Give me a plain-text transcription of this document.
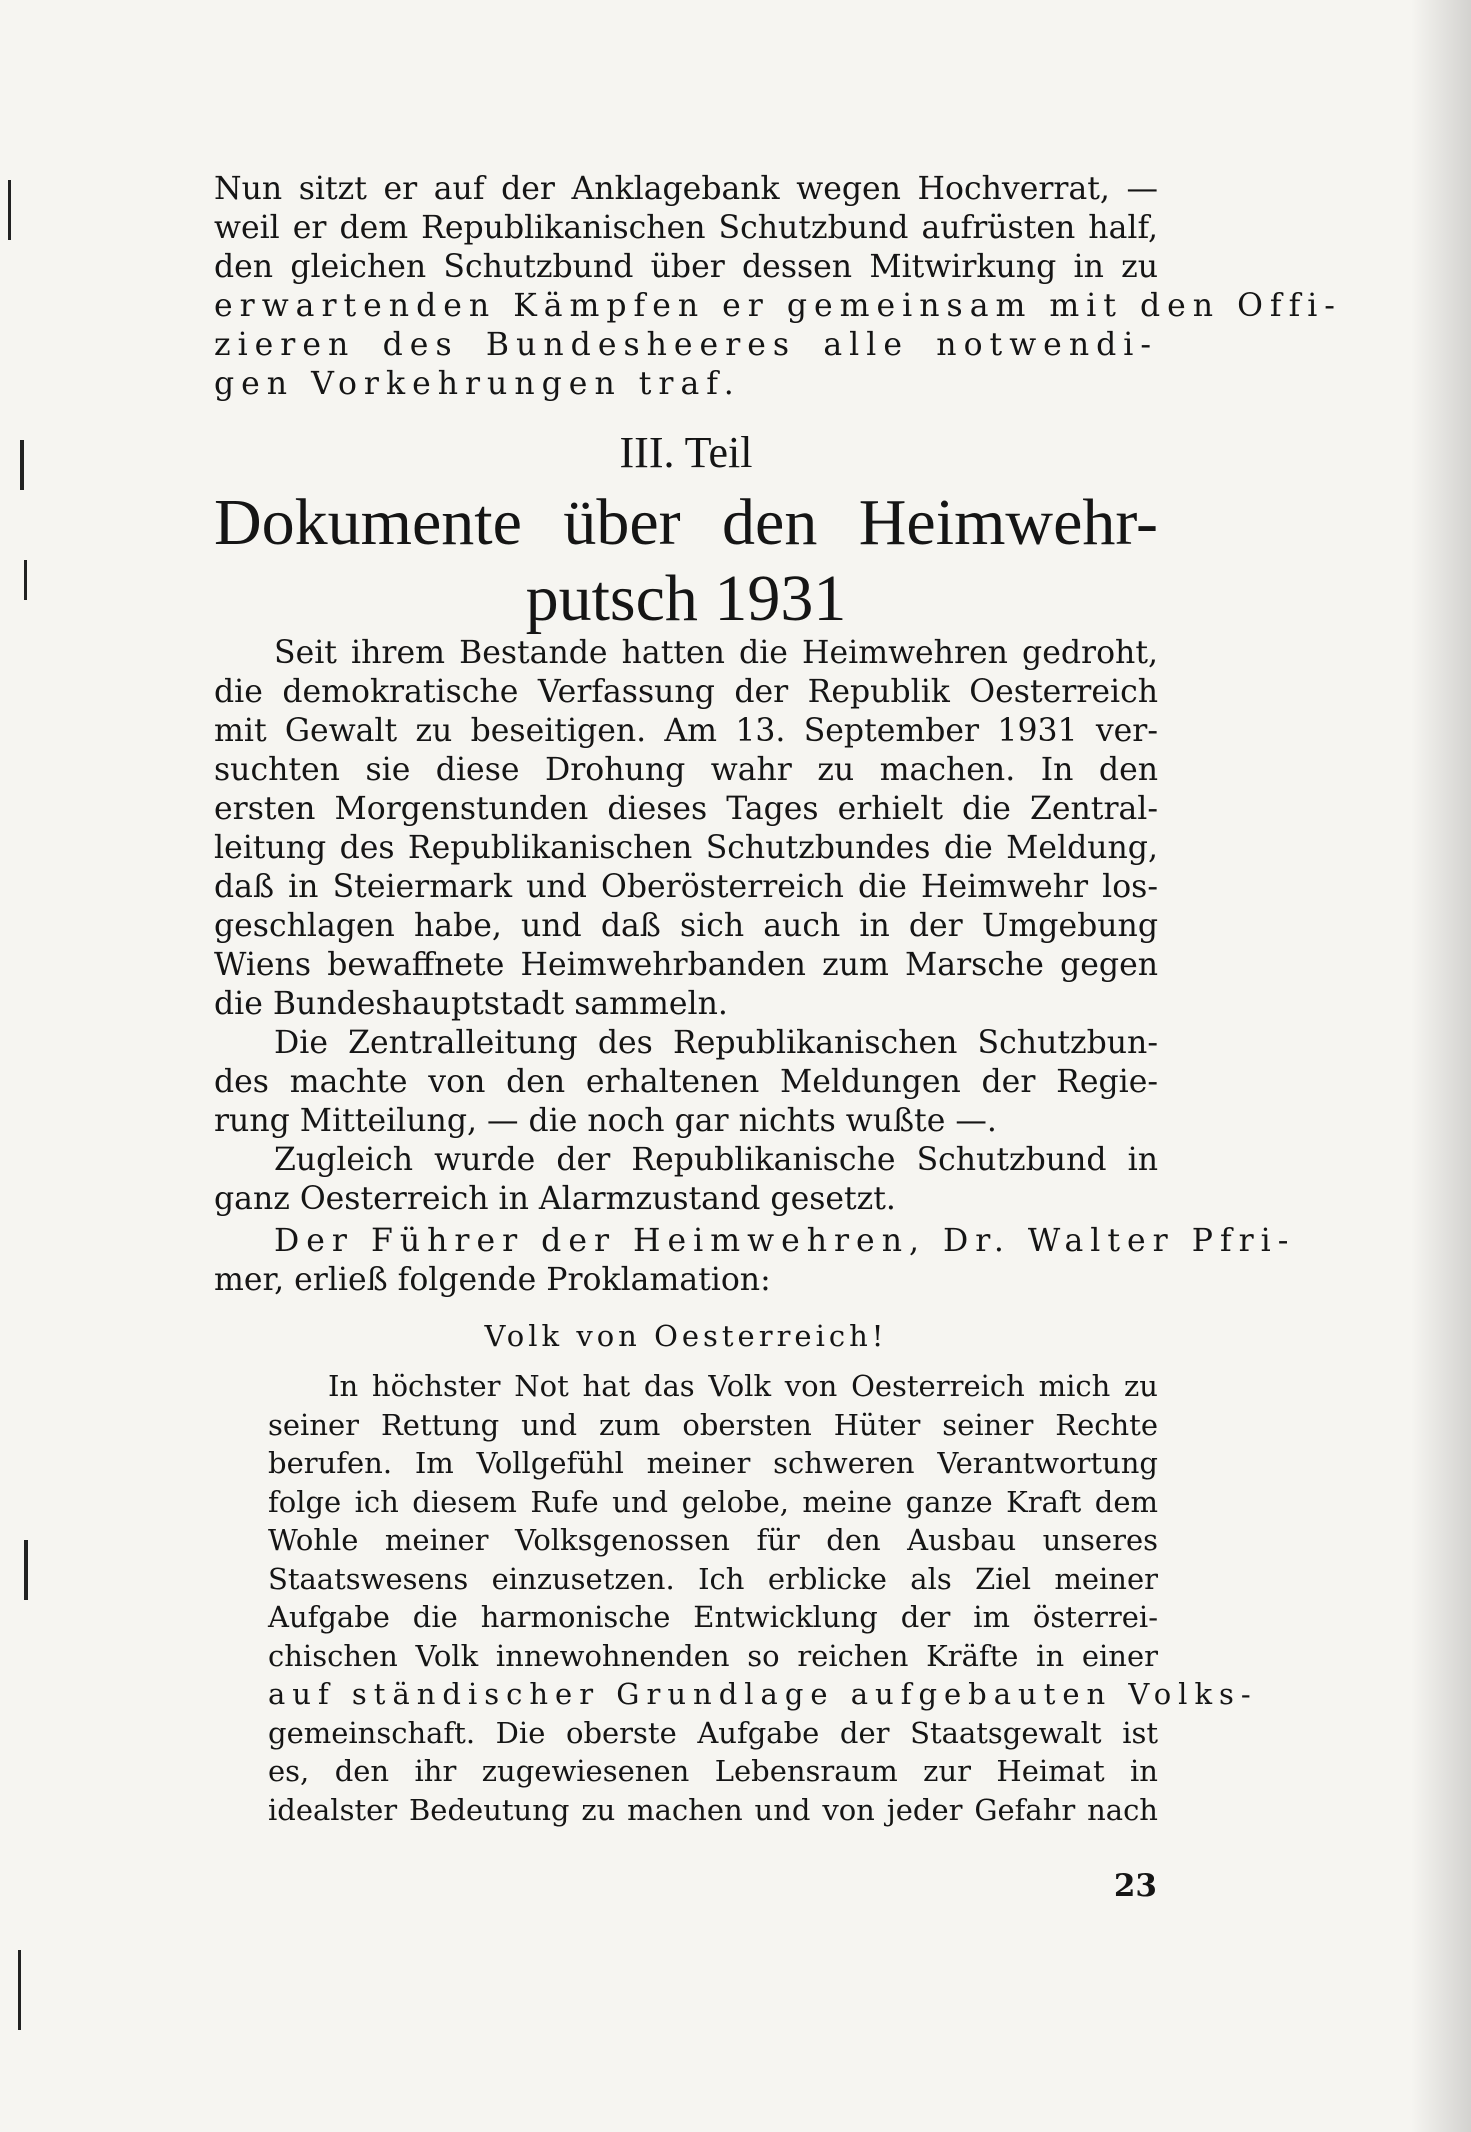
Nun sitzt er auf der Anklagebank wegen Hochverrat, —
weil er dem Republikanischen Schutzbund aufrüsten half,
den gleichen Schutzbund über dessen Mitwirkung in zu
erwartenden Kämpfen er gemeinsam mit den Offi-
zieren des Bundesheeres alle notwendi-
gen Vorkehrungen traf.
III. Teil
Dokumente über den Heimwehr-
putsch 1931
Seit ihrem Bestande hatten die Heimwehren gedroht,
die demokratische Verfassung der Republik Oesterreich
mit Gewalt zu beseitigen. Am 13. September 1931 ver-
suchten sie diese Drohung wahr zu machen. In den
ersten Morgenstunden dieses Tages erhielt die Zentral-
leitung des Republikanischen Schutzbundes die Meldung,
daß in Steiermark und Oberösterreich die Heimwehr los-
geschlagen habe, und daß sich auch in der Umgebung
Wiens bewaffnete Heimwehrbanden zum Marsche gegen
die Bundeshauptstadt sammeln.
Die Zentralleitung des Republikanischen Schutzbun-
des machte von den erhaltenen Meldungen der Regie-
rung Mitteilung, — die noch gar nichts wußte —.
Zugleich wurde der Republikanische Schutzbund in
ganz Oesterreich in Alarmzustand gesetzt.
Der Führer der Heimwehren, Dr. Walter Pfri-
mer, erließ folgende Proklamation:
Volk von Oesterreich!
In höchster Not hat das Volk von Oesterreich mich zu
seiner Rettung und zum obersten Hüter seiner Rechte
berufen. Im Vollgefühl meiner schweren Verantwortung
folge ich diesem Rufe und gelobe, meine ganze Kraft dem
Wohle meiner Volksgenossen für den Ausbau unseres
Staatswesens einzusetzen. Ich erblicke als Ziel meiner
Aufgabe die harmonische Entwicklung der im österrei-
chischen Volk innewohnenden so reichen Kräfte in einer
auf ständischer Grundlage aufgebauten Volks-
gemeinschaft. Die oberste Aufgabe der Staatsgewalt ist
es, den ihr zugewiesenen Lebensraum zur Heimat in
idealster Bedeutung zu machen und von jeder Gefahr nach
23
